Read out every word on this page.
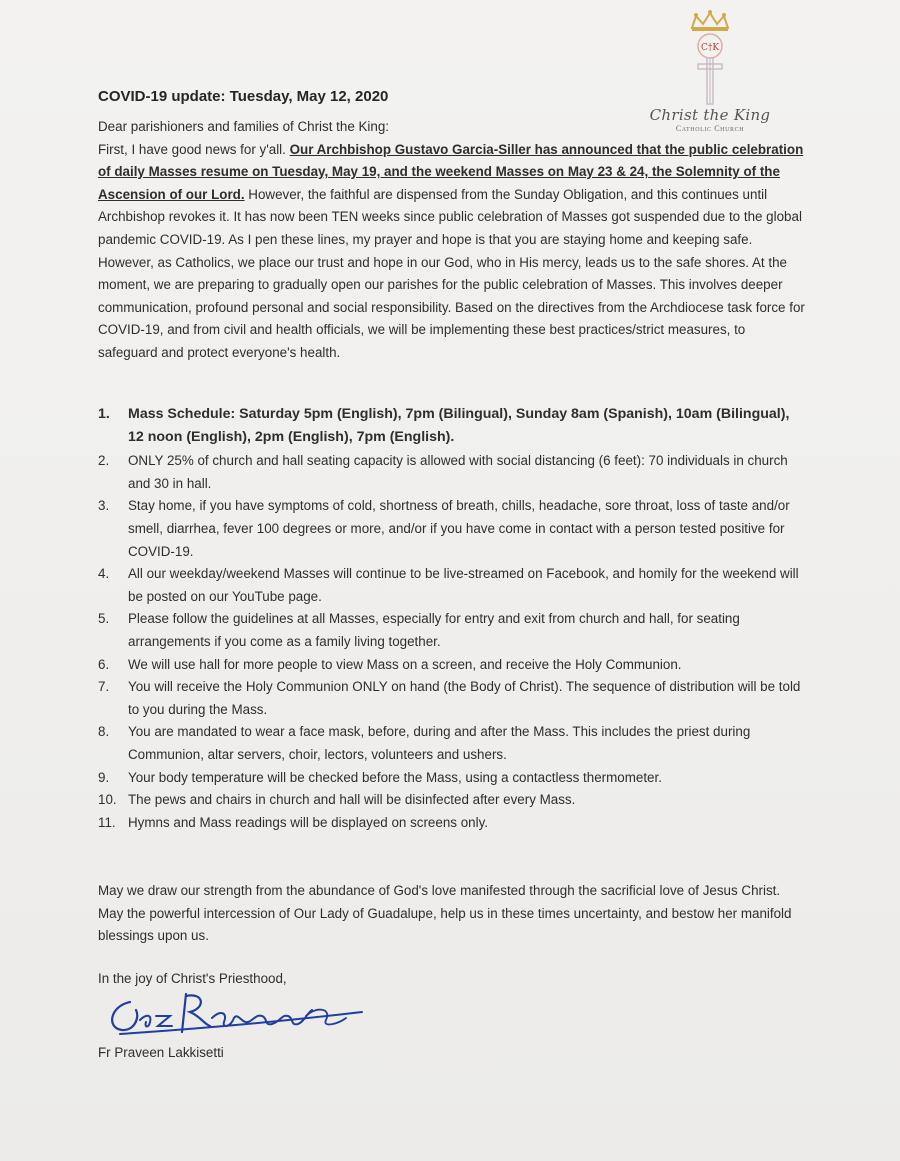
C†K
Christ the King
Catholic Church
COVID-19 update: Tuesday, May 12, 2020

Dear parishioners and families of Christ the King:

First, I have good news for y'all. Our Archbishop Gustavo Garcia-Siller has announced that the public celebration of daily Masses resume on Tuesday, May 19, and the weekend Masses on May 23 & 24, the Solemnity of the Ascension of our Lord. However, the faithful are dispensed from the Sunday Obligation, and this continues until Archbishop revokes it. It has now been TEN weeks since public celebration of Masses got suspended due to the global pandemic COVID-19. As I pen these lines, my prayer and hope is that you are staying home and keeping safe. However, as Catholics, we place our trust and hope in our God, who in His mercy, leads us to the safe shores. At the moment, we are preparing to gradually open our parishes for the public celebration of Masses. This involves deeper communication, profound personal and social responsibility. Based on the directives from the Archdiocese task force for COVID-19, and from civil and health officials, we will be implementing these best practices/strict measures, to safeguard and protect everyone's health.

1. Mass Schedule: Saturday 5pm (English), 7pm (Bilingual), Sunday 8am (Spanish), 10am (Bilingual), 12 noon (English), 2pm (English), 7pm (English).
2. ONLY 25% of church and hall seating capacity is allowed with social distancing (6 feet): 70 individuals in church and 30 in hall.
3. Stay home, if you have symptoms of cold, shortness of breath, chills, headache, sore throat, loss of taste and/or smell, diarrhea, fever 100 degrees or more, and/or if you have come in contact with a person tested positive for COVID-19.
4. All our weekday/weekend Masses will continue to be live-streamed on Facebook, and homily for the weekend will be posted on our YouTube page.
5. Please follow the guidelines at all Masses, especially for entry and exit from church and hall, for seating arrangements if you come as a family living together.
6. We will use hall for more people to view Mass on a screen, and receive the Holy Communion.
7. You will receive the Holy Communion ONLY on hand (the Body of Christ). The sequence of distribution will be told to you during the Mass.
8. You are mandated to wear a face mask, before, during and after the Mass. This includes the priest during Communion, altar servers, choir, lectors, volunteers and ushers.
9. Your body temperature will be checked before the Mass, using a contactless thermometer.
10. The pews and chairs in church and hall will be disinfected after every Mass.
11. Hymns and Mass readings will be displayed on screens only.

May we draw our strength from the abundance of God's love manifested through the sacrificial love of Jesus Christ. May the powerful intercession of Our Lady of Guadalupe, help us in these times uncertainty, and bestow her manifold blessings upon us.

In the joy of Christ's Priesthood,
Fr Praveen Lakkisetti
